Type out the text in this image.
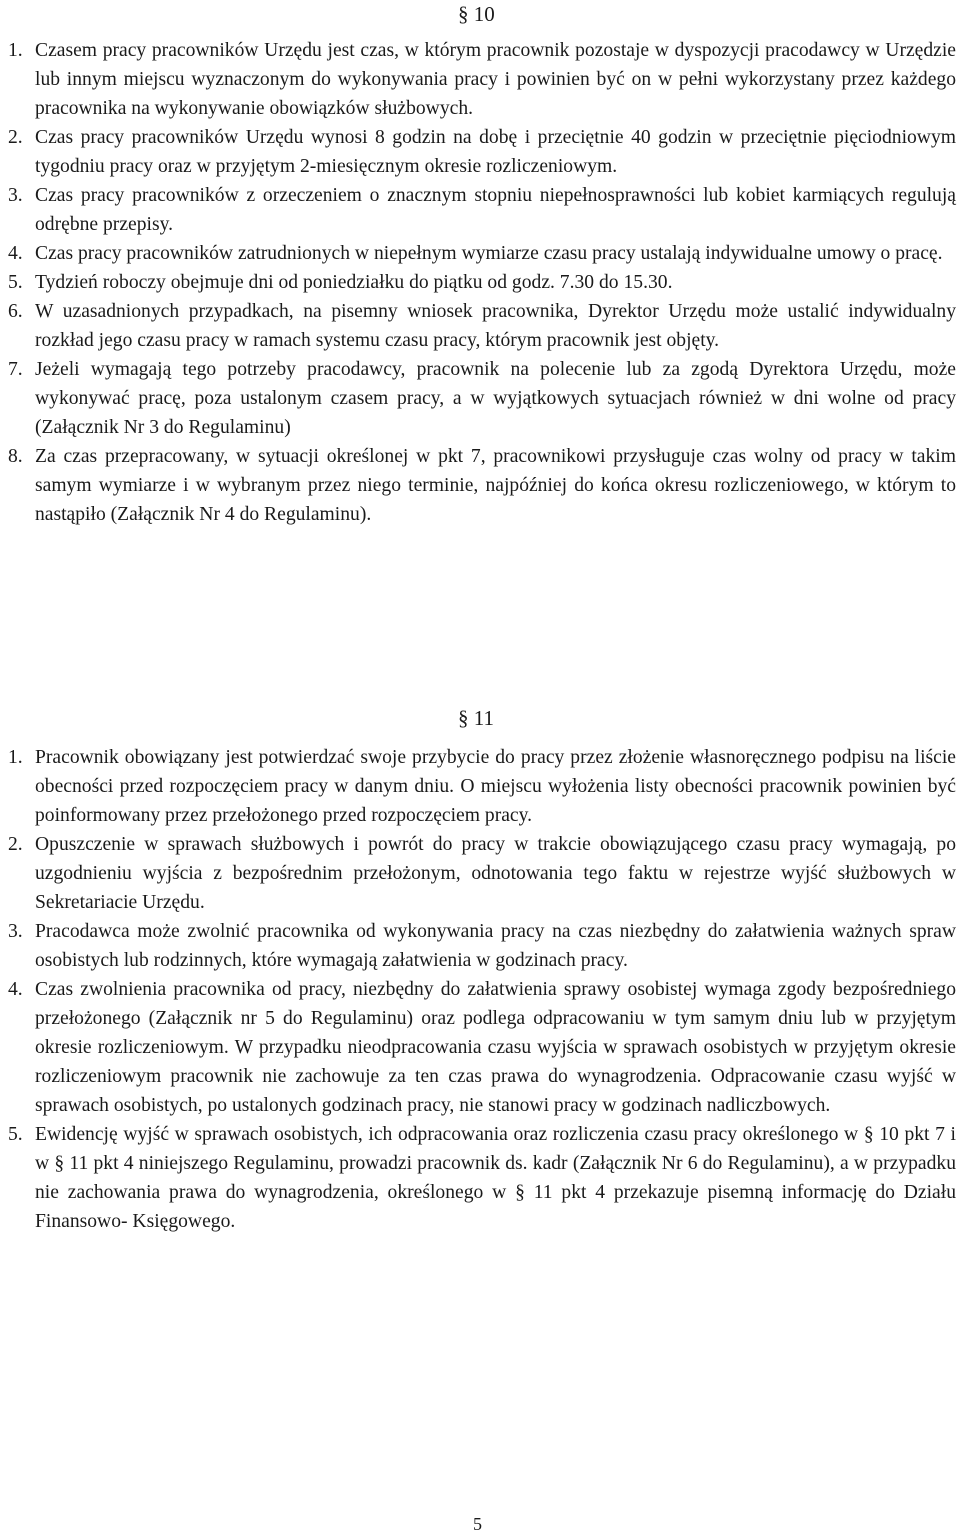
§ 10
1. Czasem pracy pracowników Urzędu jest czas, w którym pracownik pozostaje w dyspozycji pracodawcy w Urzędzie lub innym miejscu wyznaczonym do wykonywania pracy i powinien być on w pełni wykorzystany przez każdego pracownika na wykonywanie obowiązków służbowych.
2. Czas pracy pracowników Urzędu wynosi 8 godzin na dobę i przeciętnie 40 godzin w przeciętnie pięciodniowym tygodniu pracy oraz w przyjętym 2-miesięcznym okresie rozliczeniowym.
3. Czas pracy pracowników z orzeczeniem o znacznym stopniu niepełnosprawności lub kobiet karmiących regulują odrębne przepisy.
4. Czas pracy pracowników zatrudnionych w niepełnym wymiarze czasu pracy ustalają indywidualne umowy o pracę.
5. Tydzień roboczy obejmuje dni od poniedziałku do piątku od godz. 7.30 do 15.30.
6. W uzasadnionych przypadkach, na pisemny wniosek pracownika, Dyrektor Urzędu może ustalić indywidualny rozkład jego czasu pracy w ramach systemu czasu pracy, którym pracownik jest objęty.
7. Jeżeli wymagają tego potrzeby pracodawcy, pracownik na polecenie lub za zgodą Dyrektora Urzędu, może wykonywać pracę, poza ustalonym czasem pracy, a w wyjątkowych sytuacjach również w dni wolne od pracy (Załącznik Nr 3 do Regulaminu)
8. Za czas przepracowany, w sytuacji określonej w pkt 7, pracownikowi przysługuje czas wolny od pracy w takim samym wymiarze i w wybranym przez niego terminie, najpóźniej do końca okresu rozliczeniowego, w którym to nastąpiło (Załącznik Nr 4 do Regulaminu).
§ 11
1. Pracownik obowiązany jest potwierdzać swoje przybycie do pracy przez złożenie własnoręcznego podpisu na liście obecności przed rozpoczęciem pracy w danym dniu. O miejscu wyłożenia listy obecności pracownik powinien być poinformowany przez przełożonego przed rozpoczęciem pracy.
2. Opuszczenie w sprawach służbowych i powrót do pracy w trakcie obowiązującego czasu pracy wymagają, po uzgodnieniu wyjścia z bezpośrednim przełożonym, odnotowania tego faktu w rejestrze wyjść służbowych w Sekretariacie Urzędu.
3. Pracodawca może zwolnić pracownika od wykonywania pracy na czas niezbędny do załatwienia ważnych spraw osobistych lub rodzinnych, które wymagają załatwienia w godzinach pracy.
4. Czas zwolnienia pracownika od pracy, niezbędny do załatwienia sprawy osobistej wymaga zgody bezpośredniego przełożonego (Załącznik nr 5 do Regulaminu) oraz podlega odpracowaniu w tym samym dniu lub w przyjętym okresie rozliczeniowym. W przypadku nieodpracowania czasu wyjścia w sprawach osobistych w przyjętym okresie rozliczeniowym pracownik nie zachowuje za ten czas prawa do wynagrodzenia. Odpracowanie czasu wyjść w sprawach osobistych, po ustalonych godzinach pracy, nie stanowi pracy w godzinach nadliczbowych.
5. Ewidencję wyjść w sprawach osobistych, ich odpracowania oraz rozliczenia czasu pracy określonego w § 10 pkt 7 i w § 11 pkt 4 niniejszego Regulaminu, prowadzi pracownik ds. kadr (Załącznik Nr 6 do Regulaminu), a w przypadku nie zachowania prawa do wynagrodzenia, określonego w § 11 pkt 4 przekazuje pisemną informację do Działu Finansowo- Księgowego.
5
